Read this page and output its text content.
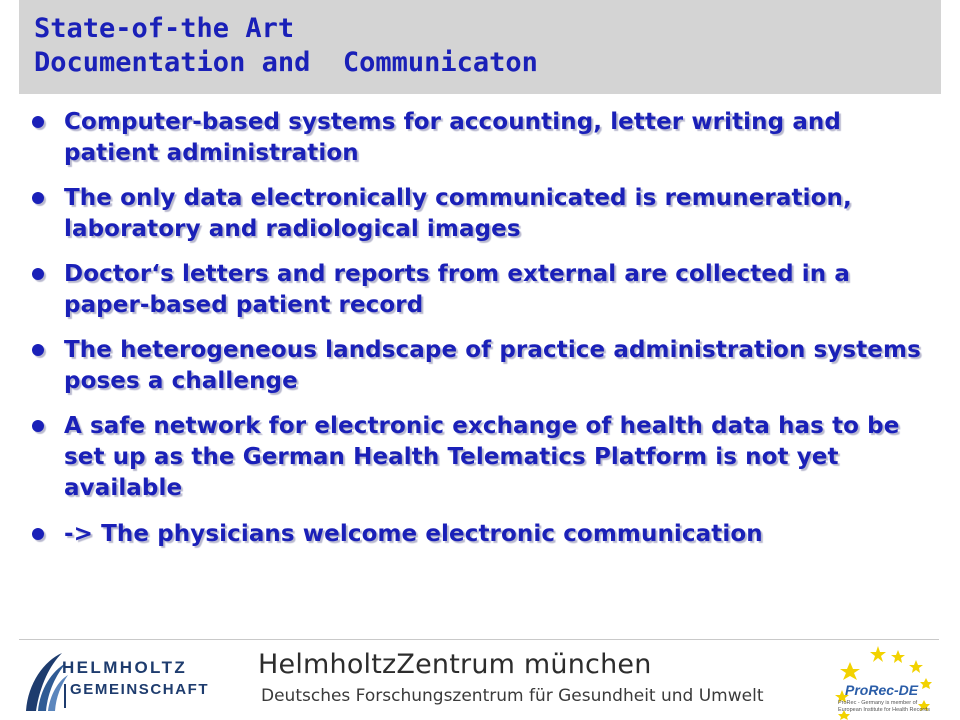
State-of-the Art
Documentation and  Communicaton
Computer-based systems for accounting, letter writing and patient administration
The only data electronically communicated is remuneration, laboratory and radiological images
Doctor‘s letters and reports from external are collected in a paper-based patient record
The heterogeneous landscape of practice administration systems poses a challenge
A safe network for electronic exchange of health data has to be set up as the German Health Telematics Platform is not yet available
-> The physicians welcome electronic communication

HELMHOLTZ

GEMEINSCHAFT

HelmholtzZentrum münchen

Deutsches Forschungszentrum für Gesundheit und Umwelt	ProRec-DE

ProRec - Germany is member of European Institute for Health Records
